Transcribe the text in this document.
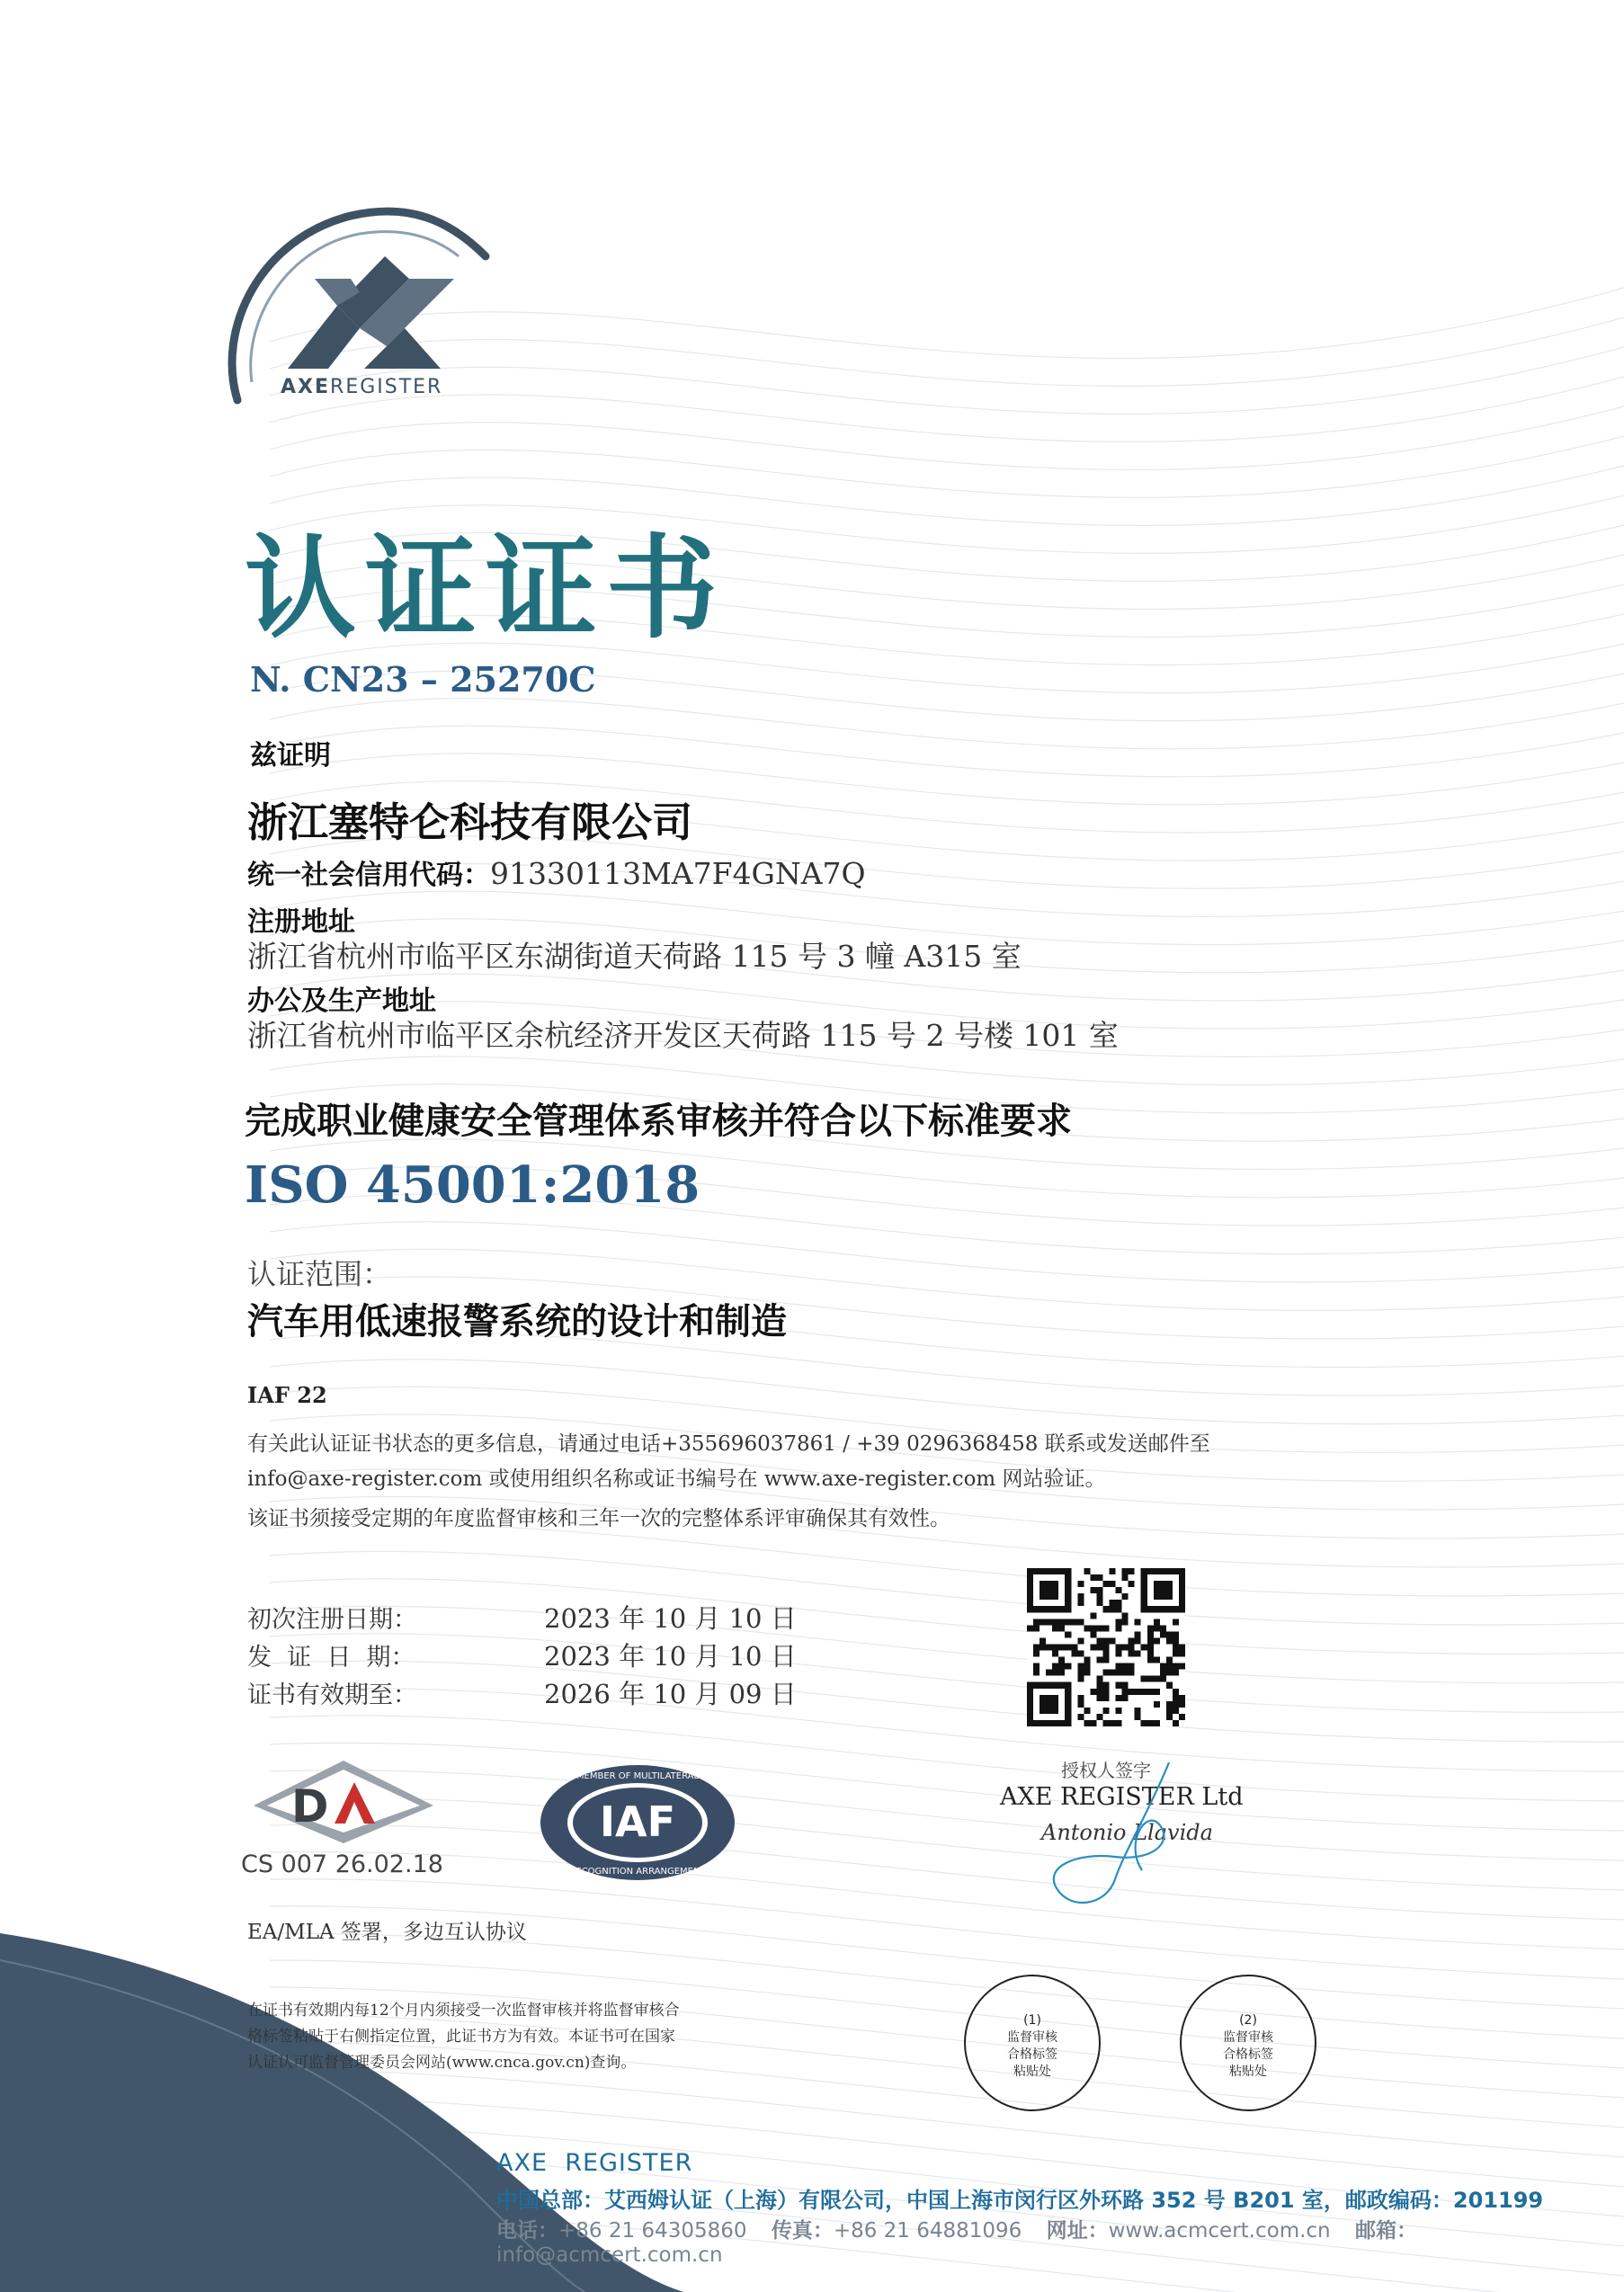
AXEREGISTER
认证证书
N. CN23 – 25270C
兹证明
浙江塞特仑科技有限公司
统一社会信用代码：91330113MA7F4GNA7Q
注册地址
浙江省杭州市临平区东湖街道天荷路 115 号 3 幢 A315 室
办公及生产地址
浙江省杭州市临平区余杭经济开发区天荷路 115 号 2 号楼 101 室
完成职业健康安全管理体系审核并符合以下标准要求
ISO 45001:2018
认证范围：
汽车用低速报警系统的设计和制造
IAF 22
有关此认证证书状态的更多信息，请通过电话+355696037861 / +39 0296368458 联系或发送邮件至
info@axe-register.com 或使用组织名称或证书编号在 www.axe-register.com 网站验证。
该证书须接受定期的年度监督审核和三年一次的完整体系评审确保其有效性。
初次注册日期：	2023 年 10 月 10 日
发  证  日  期：	2023 年 10 月 10 日
证书有效期至：	2026 年 10 月 09 日
授权人签字
AXE REGISTER Ltd
Antonio Llavida
D
CS 007 26.02.18
IAF
MEMBER OF MULTILATERAL
RECOGNITION ARRANGEMENT
EA/MLA 签署，多边互认协议
在证书有效期内每12个月内须接受一次监督审核并将监督审核合
格标签粘贴于右侧指定位置，此证书方为有效。本证书可在国家
认证认可监督管理委员会网站(www.cnca.gov.cn)查询。
(1)
监督审核
合格标签
粘贴处
(2)
监督审核
合格标签
粘贴处
AXE  REGISTER
中国总部：艾西姆认证（上海）有限公司，中国上海市闵行区外环路 352 号 B201 室，邮政编码：201199
电话：+86 21 64305860 传真：+86 21 64881096 网址：www.acmcert.com.cn 邮箱：info@acmcert.com.cn
